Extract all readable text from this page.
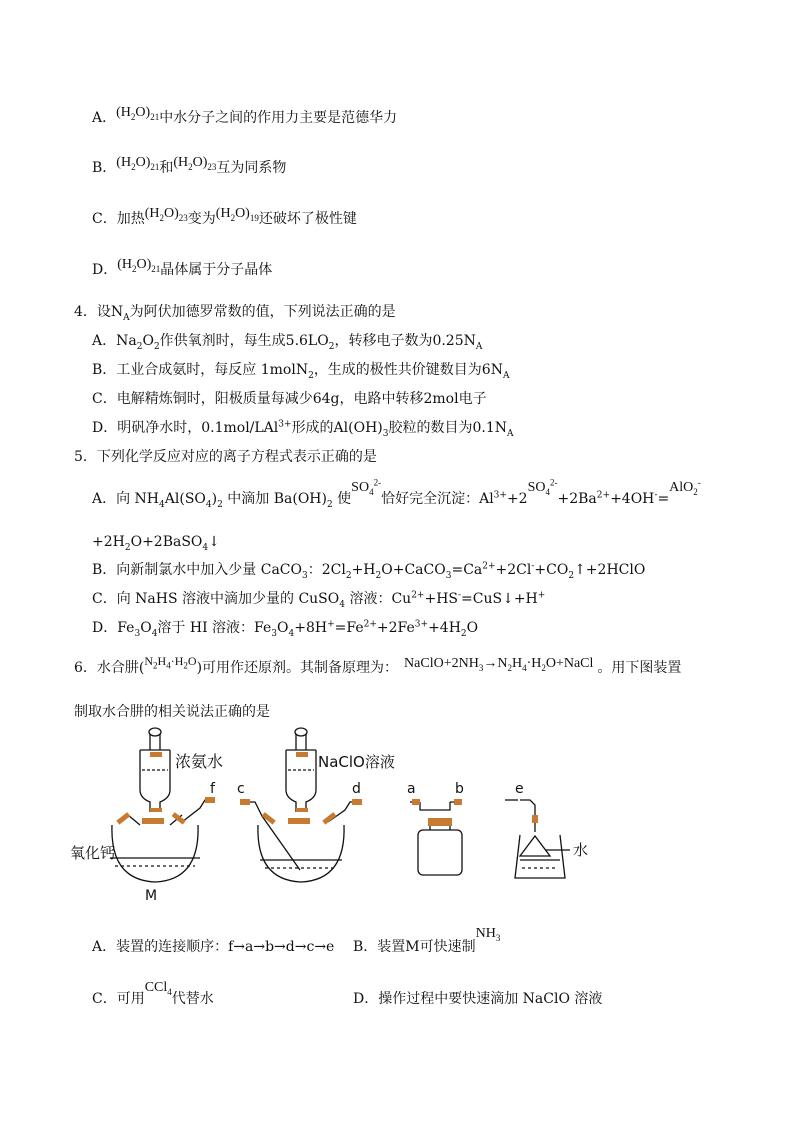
A．$(H_2O)_{21}$中水分子之间的作用力主要是范德华力
B．$(H_2O)_{21}$和$(H_2O)_{23}$互为同系物
C．加热$(H_2O)_{23}$变为$(H_2O)_{19}$还破坏了极性键
D．$(H_2O)_{21}$晶体属于分子晶体
4．设$N_A$为阿伏加德罗常数的值，下列说法正确的是
A．$Na_2O_2$作供氧剂时，每生成$5.6LO_2$，转移电子数为$0.25N_A$
B．工业合成氨时，每反应 1molN$_2$，生成的极性共价键数目为$6N_A$
C．电解精炼铜时，阳极质量每减少64g，电路中转移2mol电子
D．明矾净水时，0.1mol/LAl$^{3+}$形成的$Al(OH)_3$胶粒的数目为$0.1N_A$
5．下列化学反应对应的离子方程式表示正确的是
A．向 $NH_4Al(SO_4)_2$ 中滴加 $Ba(OH)_2$ 使$SO_4^{2-}$恰好完全沉淀：$Al^{3+}+2SO_4^{2-}+2Ba^{2+}+4OH^-=AlO_2^-$
$+2H_2O+2BaSO_4↓$
B．向新制氯水中加入少量 CaCO$_3$：$2Cl_2+H_2O+CaCO_3=Ca^{2+}+2Cl^-+CO_2↑+2HClO$
C．向 NaHS 溶液中滴加少量的 CuSO$_4$ 溶液：$Cu^{2+}+HS^-=CuS↓+H^+$
D．$Fe_3O_4$溶于 HI 溶液：$Fe_3O_4+8H^+=Fe^{2+}+2Fe^{3+}+4H_2O$
6．水合肼$(N_2H_4\cdot H_2O)$可用作还原剂。其制备原理为： $NaClO+2NH_3\to N_2H_4\cdot H_2O+NaCl$ 。用下图装置
制取水合肼的相关说法正确的是
浓氨水
氧化钙
M
NaClO溶液
水
f c	d	a	b	e
A．装置的连接顺序：f→a→b→d→c→e B．装置M可快速制$NH_3$
C．可用CCl$_4$代替水	D．操作过程中要快速滴加 NaClO 溶液
